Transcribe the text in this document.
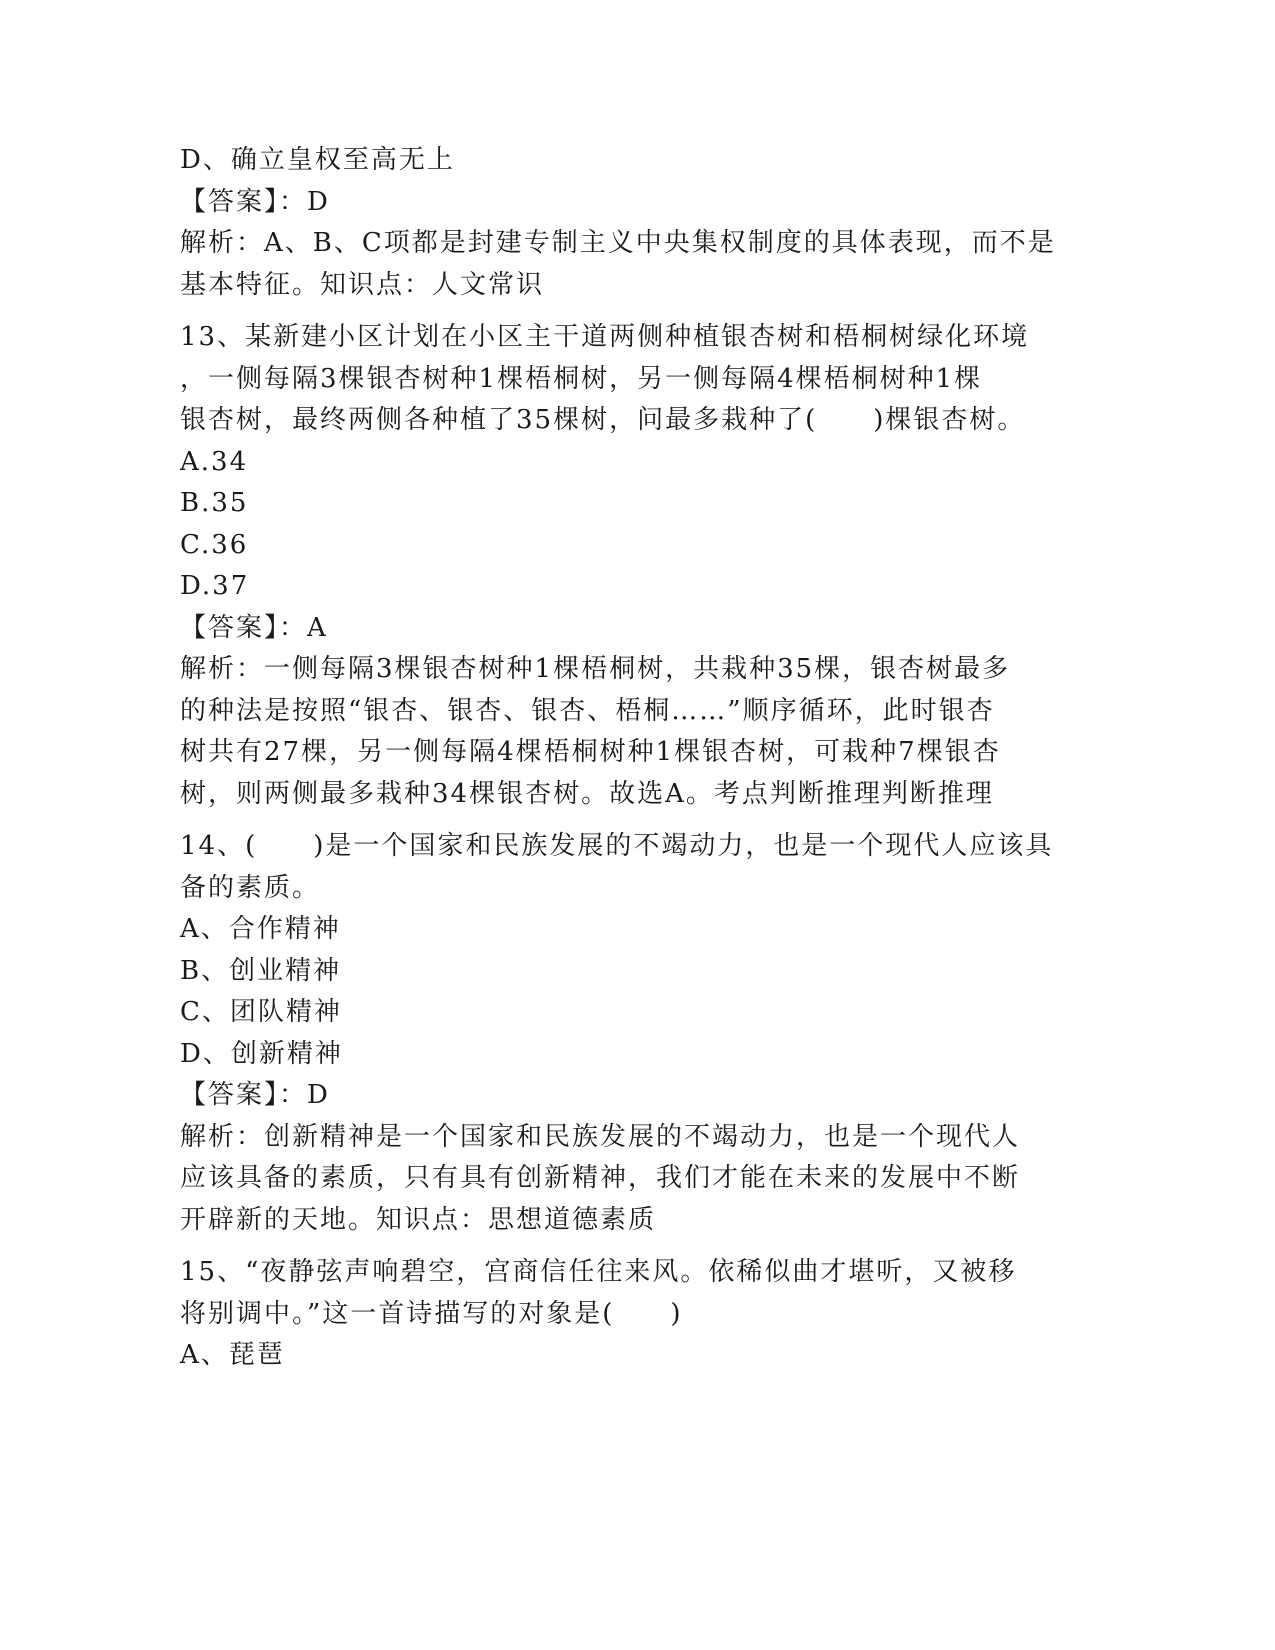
D、确立皇权至高无上
【答案】：D
解析：A、B、C项都是封建专制主义中央集权制度的具体表现，而不是
基本特征。知识点：人文常识
13、某新建小区计划在小区主干道两侧种植银杏树和梧桐树绿化环境
，一侧每隔3棵银杏树种1棵梧桐树，另一侧每隔4棵梧桐树种1棵
银杏树，最终两侧各种植了35棵树，问最多栽种了(　　)棵银杏树。
A.34
B.35
C.36
D.37
【答案】：A
解析：一侧每隔3棵银杏树种1棵梧桐树，共栽种35棵，银杏树最多
的种法是按照“银杏、银杏、银杏、梧桐……”顺序循环，此时银杏
树共有27棵，另一侧每隔4棵梧桐树种1棵银杏树，可栽种7棵银杏
树，则两侧最多栽种34棵银杏树。故选A。考点判断推理判断推理
14、(　　)是一个国家和民族发展的不竭动力，也是一个现代人应该具
备的素质。
A、合作精神
B、创业精神
C、团队精神
D、创新精神
【答案】：D
解析：创新精神是一个国家和民族发展的不竭动力，也是一个现代人
应该具备的素质，只有具有创新精神，我们才能在未来的发展中不断
开辟新的天地。知识点：思想道德素质
15、“夜静弦声响碧空，宫商信任往来风。依稀似曲才堪听，又被移
将别调中。”这一首诗描写的对象是(　　)
A、琵琶
